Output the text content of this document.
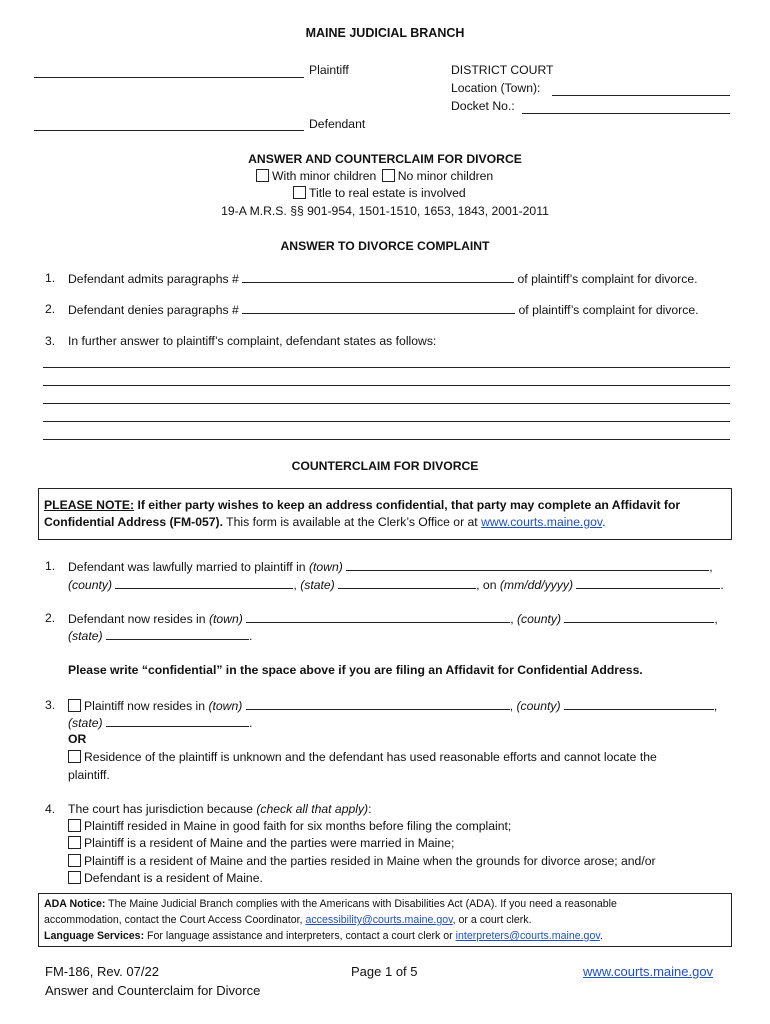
MAINE JUDICIAL BRANCH
Plaintiff	DISTRICT COURT
Location (Town):
Docket No.:
Defendant
ANSWER AND COUNTERCLAIM FOR DIVORCE
With minor children No minor children
Title to real estate is involved
19-A M.R.S. §§ 901-954, 1501-1510, 1653, 1843, 2001-2011
ANSWER TO DIVORCE COMPLAINT
1. Defendant admits paragraphs #	of plaintiff’s complaint for divorce.
2. Defendant denies paragraphs #	of plaintiff’s complaint for divorce.
3. In further answer to plaintiff’s complaint, defendant states as follows:
COUNTERCLAIM FOR DIVORCE
PLEASE NOTE: If either party wishes to keep an address confidential, that party may complete an Affidavit for
Confidential Address (FM-057). This form is available at the Clerk’s Office or at www.courts.maine.gov.
1. Defendant was lawfully married to plaintiff in (town)	,
(county)	, (state)	, on (mm/dd/yyyy)	.
2. Defendant now resides in (town)	, (county)	,
(state)	.
Please write “confidential” in the space above if you are filing an Affidavit for Confidential Address.
3.	Plaintiff now resides in (town)	, (county)	,
(state)	.
OR
Residence of the plaintiff is unknown and the defendant has used reasonable efforts and cannot locate the
plaintiff.
4. The court has jurisdiction because (check all that apply):
Plaintiff resided in Maine in good faith for six months before filing the complaint;
Plaintiff is a resident of Maine and the parties were married in Maine;
Plaintiff is a resident of Maine and the parties resided in Maine when the grounds for divorce arose; and/or
Defendant is a resident of Maine.
ADA Notice: The Maine Judicial Branch complies with the Americans with Disabilities Act (ADA). If you need a reasonable
accommodation, contact the Court Access Coordinator, accessibility@courts.maine.gov, or a court clerk.
Language Services: For language assistance and interpreters, contact a court clerk or interpreters@courts.maine.gov.
FM-186, Rev. 07/22
Answer and Counterclaim for Divorce
Page 1 of 5	www.courts.maine.gov
